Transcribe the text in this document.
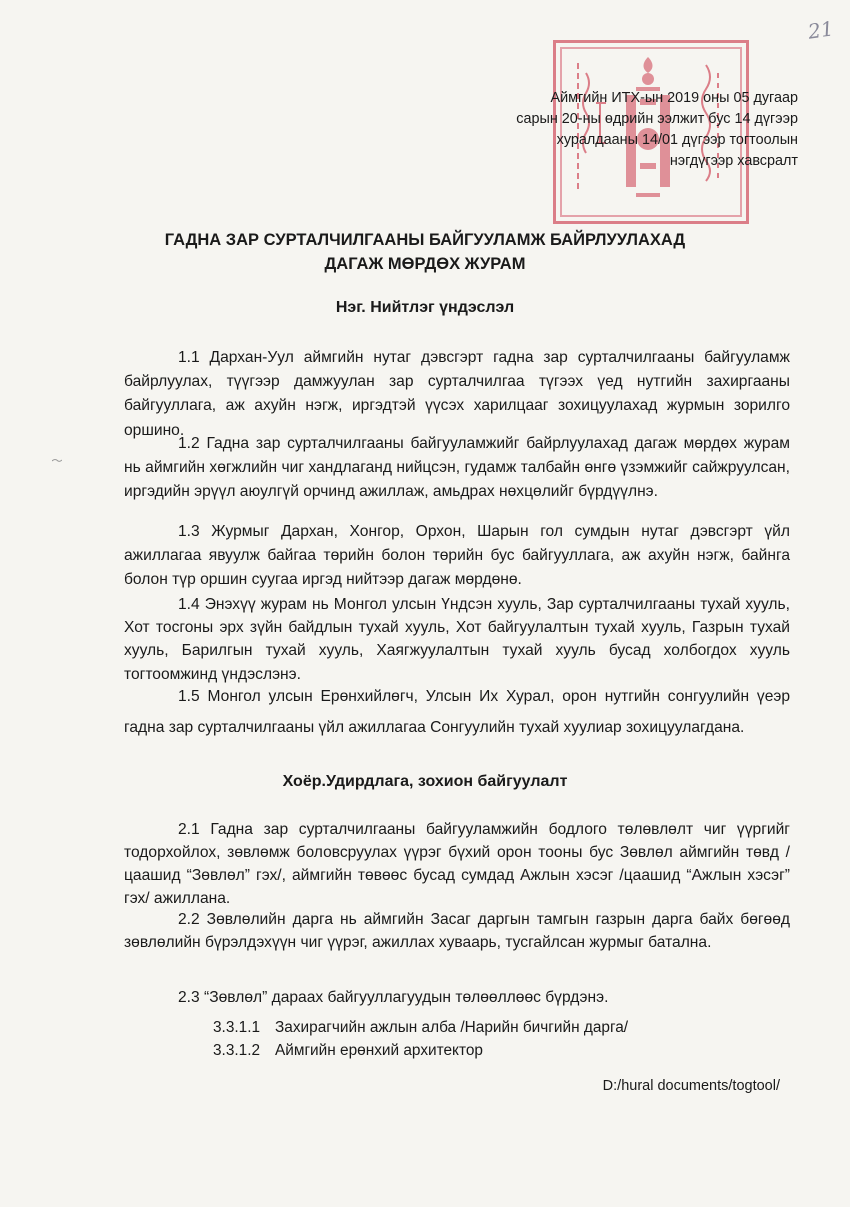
21
Аймгийн ИТХ-ын 2019 оны 05 дугаар
сарын 20-ны өдрийн ээлжит бус 14 дүгээр
хуралдааны 14/01 дүгээр тогтоолын
нэгдүгээр хавсралт
ГАДНА ЗАР СУРТАЛЧИЛГААНЫ БАЙГУУЛАМЖ БАЙРЛУУЛАХАД
ДАГАЖ МӨРДӨХ ЖУРАМ
Нэг. Нийтлэг үндэслэл

1.1 Дархан-Уул аймгийн нутаг дэвсгэрт гадна зар сурталчилгааны байгууламж байрлуулах, түүгээр дамжуулан зар сурталчилгаа түгээх үед нутгийн захиргааны байгууллага, аж ахуйн нэгж, иргэдтэй үүсэх харилцааг зохицуулахад журмын зорилго оршино.

1.2 Гадна зар сурталчилгааны байгууламжийг байрлуулахад дагаж мөрдөх журам нь аймгийн хөгжлийн чиг хандлаганд нийцсэн, гудамж талбайн өнгө үзэмжийг сайжруулсан, иргэдийн эрүүл аюулгүй орчинд ажиллаж, амьдрах нөхцөлийг бүрдүүлнэ.

1.3 Журмыг Дархан, Хонгор, Орхон, Шарын гол сумдын нутаг дэвсгэрт үйл ажиллагаа явуулж байгаа төрийн болон төрийн бус байгууллага, аж ахуйн нэгж, байнга болон түр оршин суугаа иргэд нийтээр дагаж мөрдөнө.

1.4 Энэхүү журам нь Монгол улсын Үндсэн хууль, Зар сурталчилгааны тухай хууль, Хот тосгоны эрх зүйн байдлын тухай хууль, Хот байгуулалтын тухай хууль, Газрын тухай хууль, Барилгын тухай хууль, Хаягжуулалтын тухай хууль бусад холбогдох хууль тогтоомжинд үндэслэнэ.

1.5 Монгол улсын Ерөнхийлөгч, Улсын Их Хурал, орон нутгийн сонгуулийн үеэр гадна зар сурталчилгааны үйл ажиллагаа Сонгуулийн тухай хуулиар зохицуулагдана.

Хоёр.Удирдлага, зохион байгуулалт

2.1 Гадна зар сурталчилгааны байгууламжийн бодлого төлөвлөлт чиг үүргийг тодорхойлох, зөвлөмж боловсруулах үүрэг бүхий орон тооны бус Зөвлөл аймгийн төвд /цаашид “Зөвлөл” гэх/, аймгийн төвөөс бусад сумдад Ажлын хэсэг /цаашид “Ажлын хэсэг” гэх/ ажиллана.

2.2 Зөвлөлийн дарга нь аймгийн Засаг даргын тамгын газрын дарга байх бөгөөд зөвлөлийн бүрэлдэхүүн чиг үүрэг, ажиллах хуваарь, тусгайлсан журмыг батална.

2.3 “Зөвлөл” дараах байгууллагуудын төлөөллөөс бүрдэнэ.

3.3.1.1 Захирагчийн ажлын алба /Нарийн бичгийн дарга/
3.3.1.2 Аймгийн ерөнхий архитектор
D:/hural documents/togtool/
